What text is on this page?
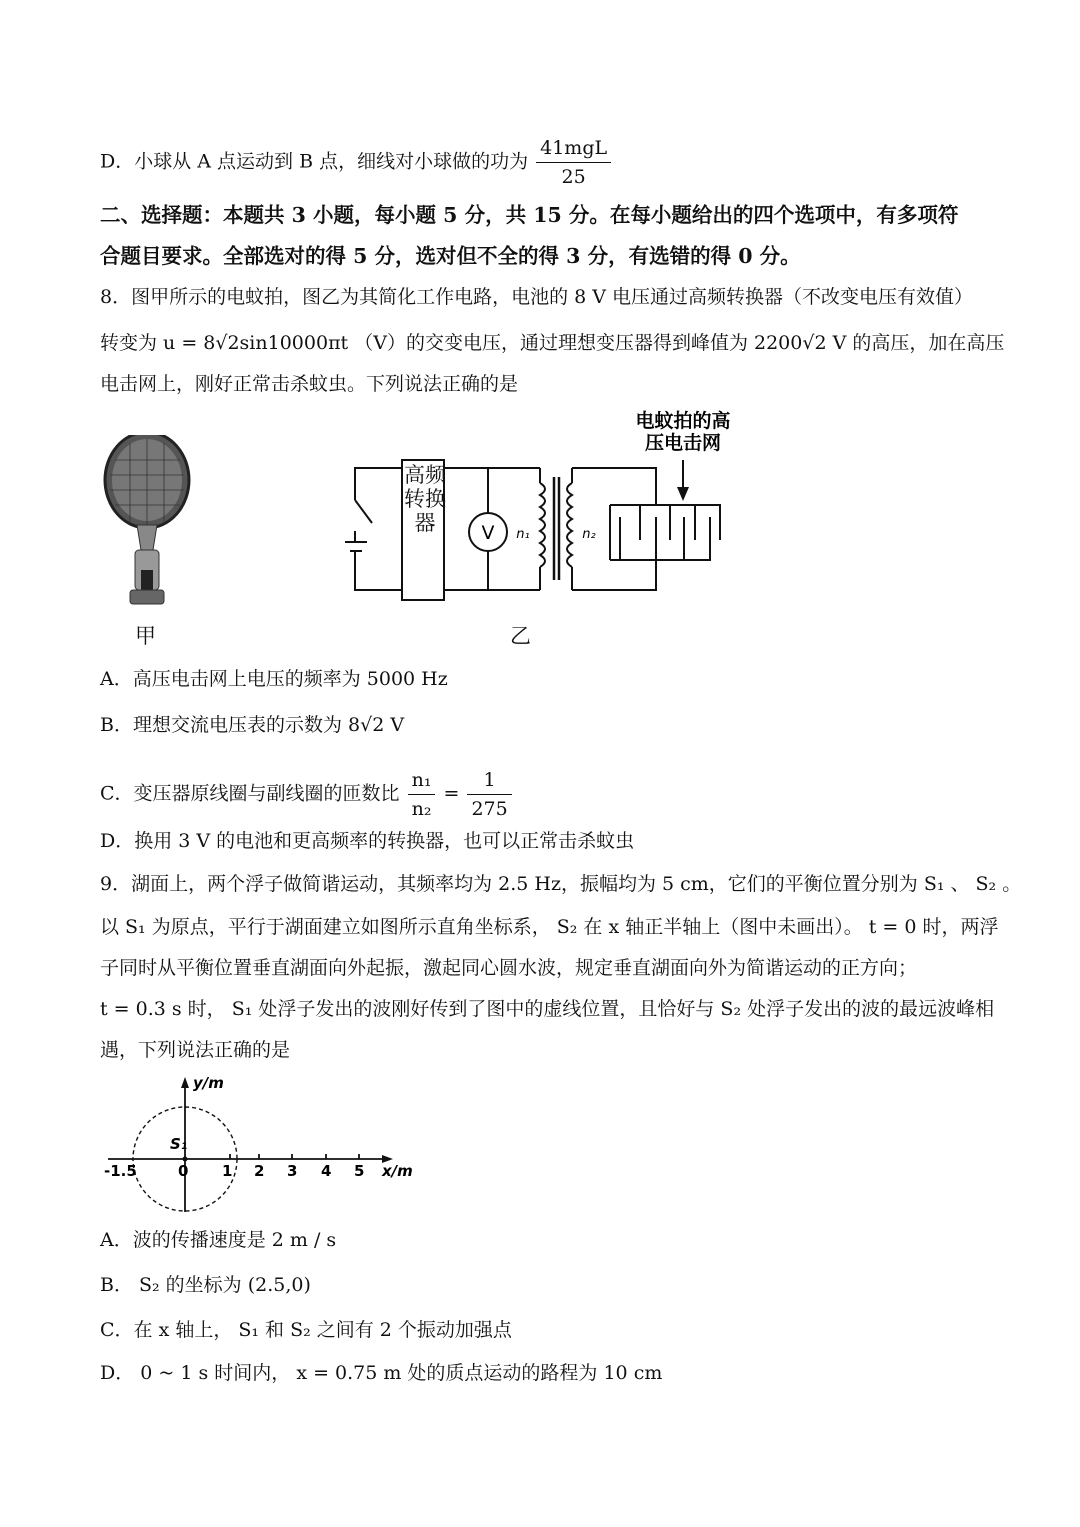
D．小球从 A 点运动到 B 点，细线对小球做的功为 $\frac{\text{41mgL}}{25}$
二、选择题：本题共 3 小题，每小题 5 分，共 15 分。在每小题给出的四个选项中，有多项符
合题目要求。全部选对的得 5 分，选对但不全的得 3 分，有选错的得 0 分。
8．图甲所示的电蚊拍，图乙为其简化工作电路，电池的 8 V 电压通过高频转换器（不改变电压有效值）
转变为 u = 8√2sin10000πt （V）的交变电压，通过理想变压器得到峰值为 2200√2 V 的高压，加在高压
电击网上，刚好正常击杀蚊虫。下列说法正确的是
甲
V n₁	n₂
电蚊拍的高
压电击网
高频转换器
乙
A．高压电击网上电压的频率为 5000 Hz
B．理想交流电压表的示数为 8√2 V
C．变压器原线圈与副线圈的匝数比 $\frac{\text{n₁}}{\text{n₂}} = \frac{1}{275}$
D．换用 3 V 的电池和更高频率的转换器，也可以正常击杀蚊虫
9．湖面上，两个浮子做简谐运动，其频率均为 2.5 Hz，振幅均为 5 cm，它们的平衡位置分别为 S₁ 、 S₂ 。
以 S₁ 为原点，平行于湖面建立如图所示直角坐标系， S₂ 在 x 轴正半轴上（图中未画出）。 t = 0 时，两浮
子同时从平衡位置垂直湖面向外起振，激起同心圆水波，规定垂直湖面向外为简谐运动的正方向；
t = 0.3 s 时， S₁ 处浮子发出的波刚好传到了图中的虚线位置，且恰好与 S₂ 处浮子发出的波的最远波峰相
遇，下列说法正确的是
y/m
x/m
S₁
0
-1.5	1 2 3 4 5
A．波的传播速度是 2 m / s
B． S₂ 的坐标为 (2.5,0)
C．在 x 轴上， S₁ 和 S₂ 之间有 2 个振动加强点
D． 0 ~ 1 s 时间内， x = 0.75 m 处的质点运动的路程为 10 cm
